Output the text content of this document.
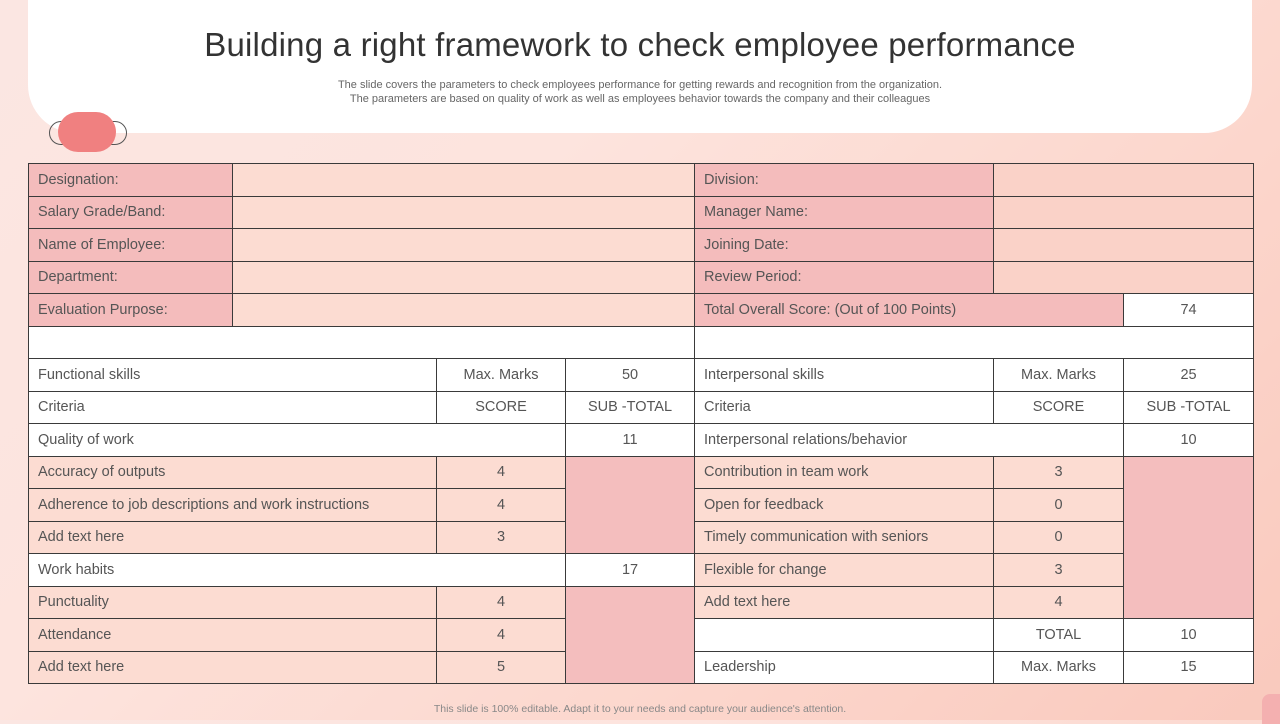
Building a right framework to check employee performance
The slide covers the parameters to check employees performance for getting rewards and recognition from the organization.
The parameters are based on quality of work as well as employees behavior towards the company and their colleagues
Designation:				Division:		
Salary Grade/Band:				Manager Name:		
Name of Employee:				Joining Date:		
Department:				Review Period:		
Evaluation Purpose:				Total Overall Score: (Out of 100 Points)		74

Functional skills		Max. Marks	50	Interpersonal skills	Max. Marks	25
Criteria		SCORE	SUB -TOTAL	Criteria	SCORE	SUB -TOTAL
Quality of work			11	Interpersonal relations/behavior		10
Accuracy of outputs		4		Contribution in team work	3	
Adherence to job descriptions and work instructions		4		Open for feedback	0	
Add text here		3		Timely communication with seniors	0	
Work habits			17	Flexible for change	3	
Punctuality		4		Add text here	4	
Attendance		4			TOTAL	10
Add text here		5		Leadership	Max. Marks	15
This slide is 100% editable. Adapt it to your needs and capture your audience's attention.
